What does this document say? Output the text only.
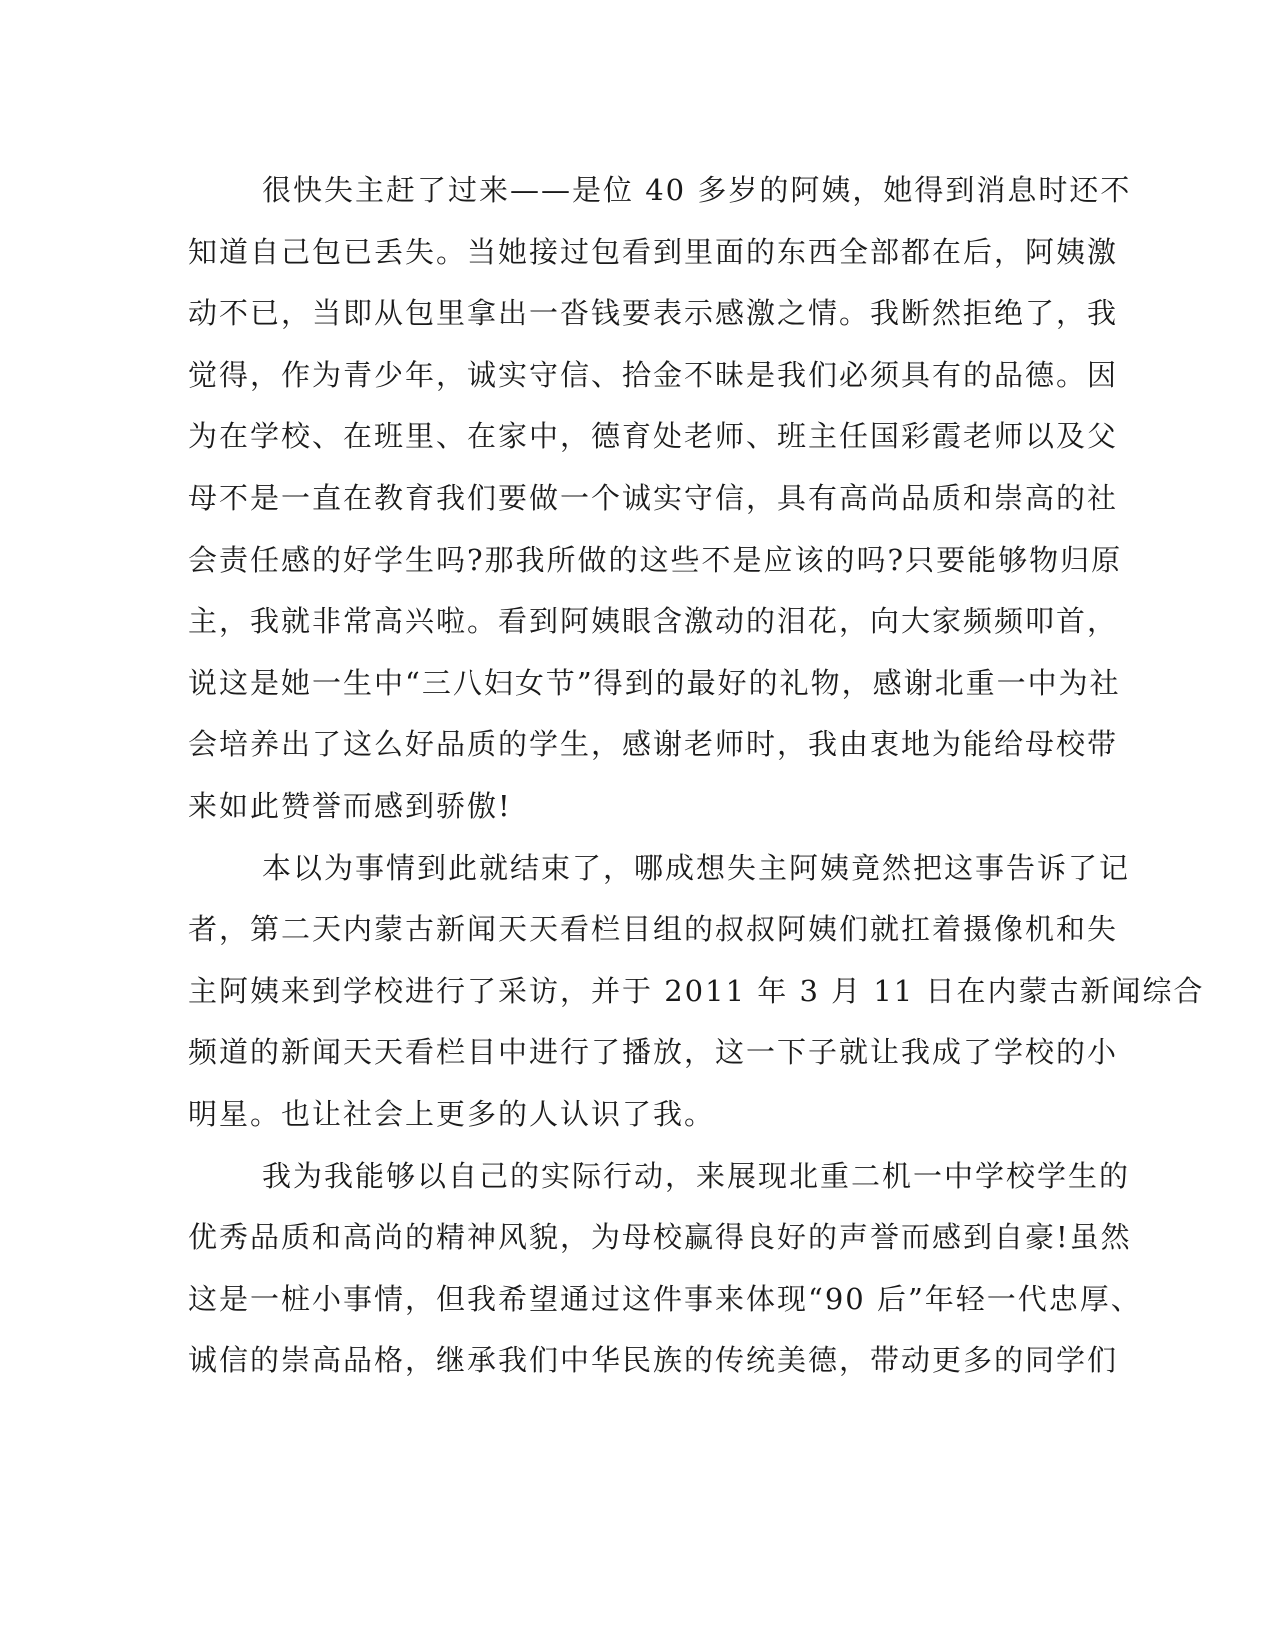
很快失主赶了过来——是位 40 多岁的阿姨，她得到消息时还不
知道自己包已丢失。当她接过包看到里面的东西全部都在后，阿姨激
动不已，当即从包里拿出一沓钱要表示感激之情。我断然拒绝了，我
觉得，作为青少年，诚实守信、拾金不昧是我们必须具有的品德。因
为在学校、在班里、在家中，德育处老师、班主任国彩霞老师以及父
母不是一直在教育我们要做一个诚实守信，具有高尚品质和崇高的社
会责任感的好学生吗?那我所做的这些不是应该的吗?只要能够物归原
主，我就非常高兴啦。看到阿姨眼含激动的泪花，向大家频频叩首，
说这是她一生中“三八妇女节”得到的最好的礼物，感谢北重一中为社
会培养出了这么好品质的学生，感谢老师时，我由衷地为能给母校带
来如此赞誉而感到骄傲!
本以为事情到此就结束了，哪成想失主阿姨竟然把这事告诉了记
者，第二天内蒙古新闻天天看栏目组的叔叔阿姨们就扛着摄像机和失
主阿姨来到学校进行了采访，并于 2011 年 3 月 11 日在内蒙古新闻综合
频道的新闻天天看栏目中进行了播放，这一下子就让我成了学校的小
明星。也让社会上更多的人认识了我。
我为我能够以自己的实际行动，来展现北重二机一中学校学生的
优秀品质和高尚的精神风貌，为母校赢得良好的声誉而感到自豪!虽然
这是一桩小事情，但我希望通过这件事来体现“90 后”年轻一代忠厚、
诚信的崇高品格，继承我们中华民族的传统美德，带动更多的同学们
